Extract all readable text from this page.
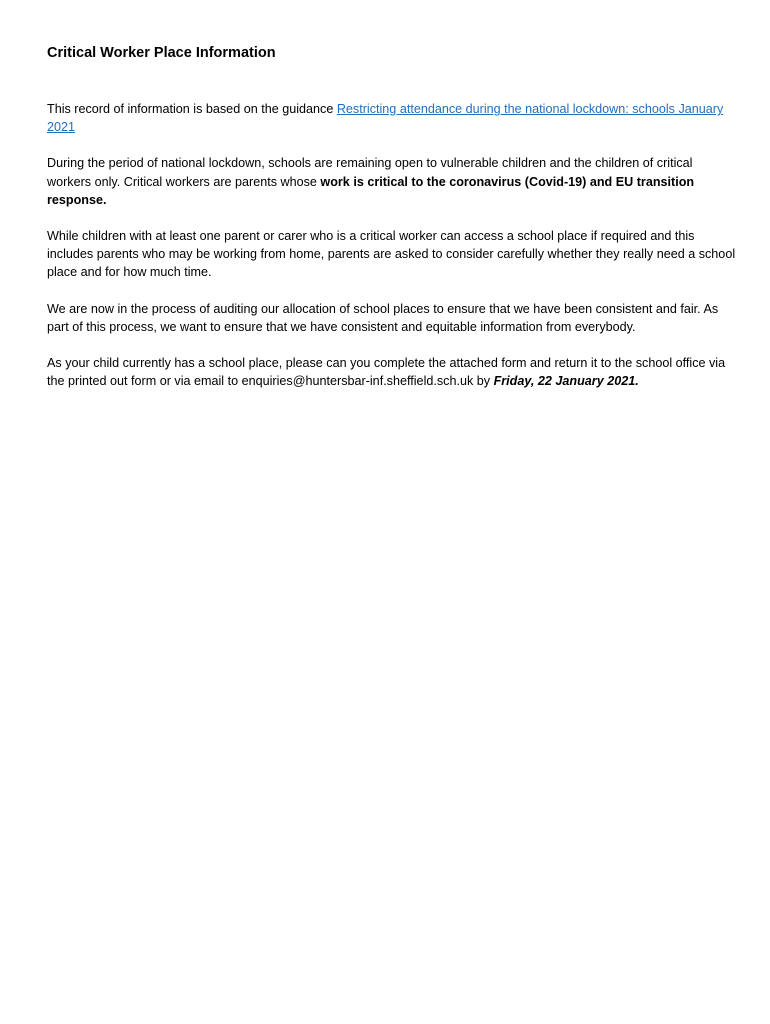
Critical Worker Place Information

This record of information is based on the guidance Restricting attendance during the national lockdown: schools January 2021

During the period of national lockdown, schools are remaining open to vulnerable children and the children of critical workers only. Critical workers are parents whose work is critical to the coronavirus (Covid-19) and EU transition response.

While children with at least one parent or carer who is a critical worker can access a school place if required and this includes parents who may be working from home, parents are asked to consider carefully whether they really need a school place and for how much time.

We are now in the process of auditing our allocation of school places to ensure that we have been consistent and fair. As part of this process, we want to ensure that we have consistent and equitable information from everybody.

As your child currently has a school place, please can you complete the attached form and return it to the school office via the printed out form or via email to enquiries@huntersbar-inf.sheffield.sch.uk by Friday, 22 January 2021.
